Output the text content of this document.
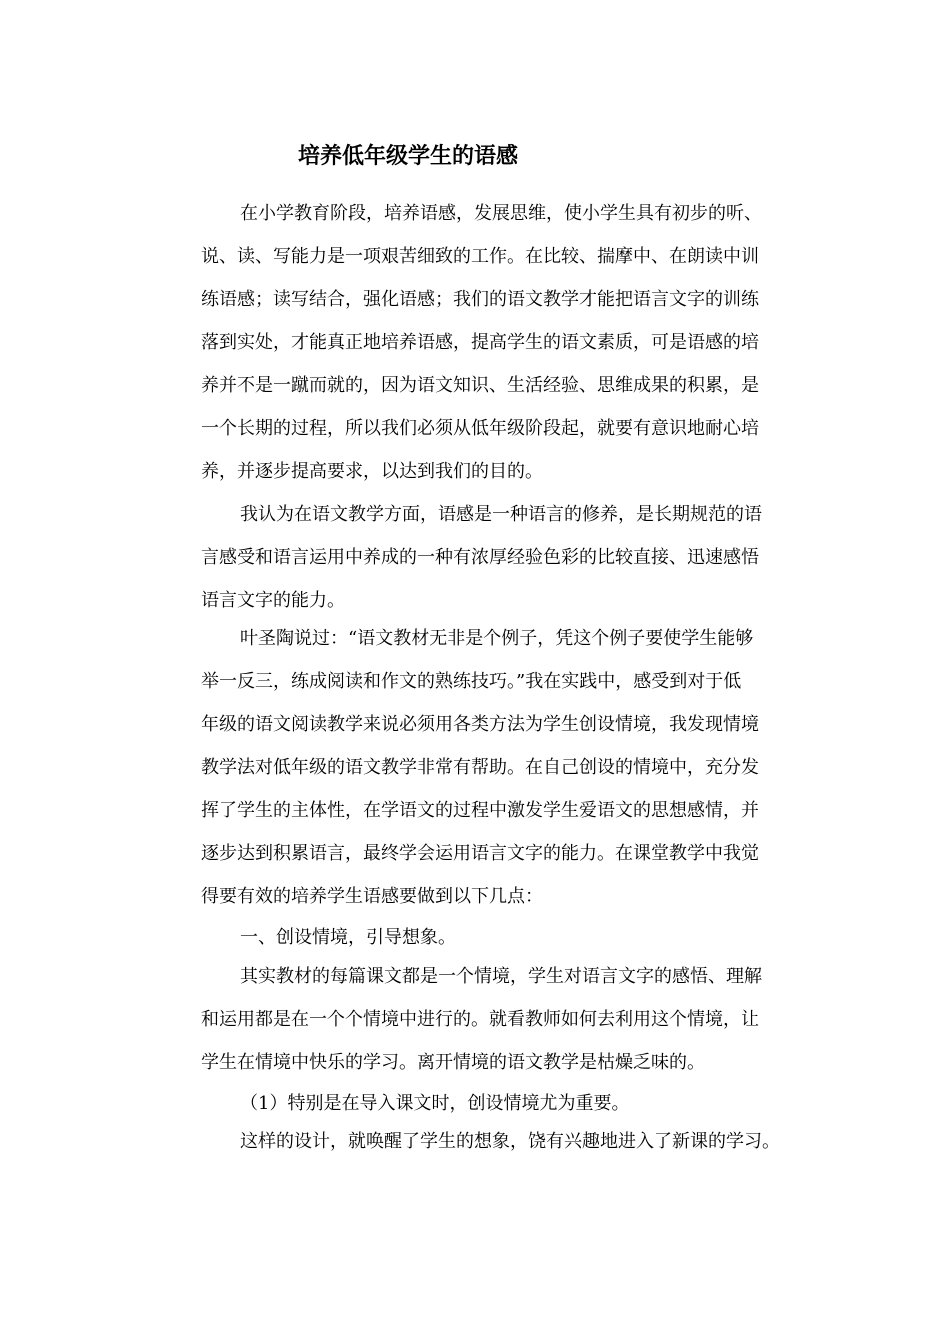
培养低年级学生的语感
在小学教育阶段，培养语感，发展思维，使小学生具有初步的听、
说、读、写能力是一项艰苦细致的工作。在比较、揣摩中、在朗读中训
练语感；读写结合，强化语感；我们的语文教学才能把语言文字的训练
落到实处，才能真正地培养语感，提高学生的语文素质，可是语感的培
养并不是一蹴而就的，因为语文知识、生活经验、思维成果的积累，是
一个长期的过程，所以我们必须从低年级阶段起，就要有意识地耐心培
养，并逐步提高要求，以达到我们的目的。
我认为在语文教学方面，语感是一种语言的修养，是长期规范的语
言感受和语言运用中养成的一种有浓厚经验色彩的比较直接、迅速感悟
语言文字的能力。
叶圣陶说过：“语文教材无非是个例子，凭这个例子要使学生能够
举一反三，练成阅读和作文的熟练技巧。”我在实践中，感受到对于低
年级的语文阅读教学来说必须用各类方法为学生创设情境，我发现情境
教学法对低年级的语文教学非常有帮助。在自己创设的情境中，充分发
挥了学生的主体性，在学语文的过程中激发学生爱语文的思想感情，并
逐步达到积累语言，最终学会运用语言文字的能力。在课堂教学中我觉
得要有效的培养学生语感要做到以下几点：
一、创设情境，引导想象。
其实教材的每篇课文都是一个情境，学生对语言文字的感悟、理解
和运用都是在一个个情境中进行的。就看教师如何去利用这个情境，让
学生在情境中快乐的学习。离开情境的语文教学是枯燥乏味的。
（1）特别是在导入课文时，创设情境尤为重要。
这样的设计，就唤醒了学生的想象，饶有兴趣地进入了新课的学习。
